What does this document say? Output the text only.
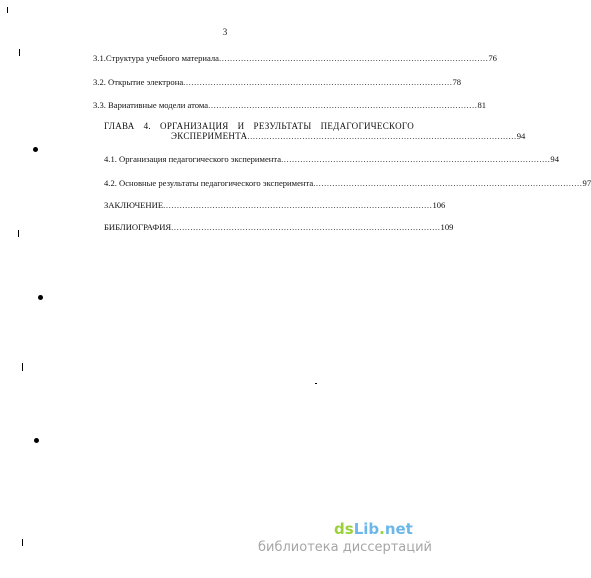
3
3.1.Структура учебного материала .................................................................................................. 76
3.2. Открытие электрона .................................................................................................. 78
3.3. Вариативные модели атома .................................................................................................. 81
ГЛАВА 4. ОРГАНИЗАЦИЯ И РЕЗУЛЬТАТЫ ПЕДАГОГИЧЕСКОГО
ЭКСПЕРИМЕНТА .................................................................................................. 94
4.1. Организация педагогического эксперимента .................................................................................................. 94
4.2. Основные результаты педагогического эксперимента .................................................................................................. 97
ЗАКЛЮЧЕНИЕ .................................................................................................. 106
БИБЛИОГРАФИЯ .................................................................................................. 109
dsLib.net
библиотека диссертаций
